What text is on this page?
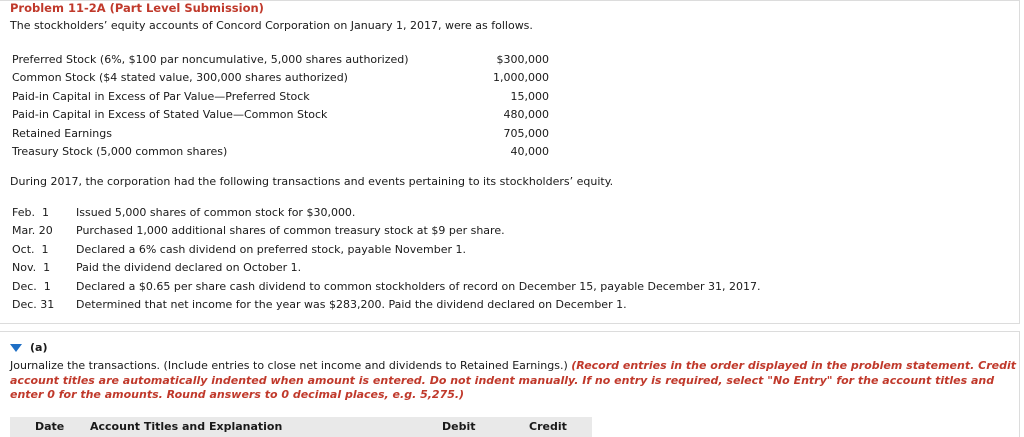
Problem 11-2A (Part Level Submission)
The stockholders’ equity accounts of Concord Corporation on January 1, 2017, were as follows.
Preferred Stock (6%, $100 par noncumulative, 5,000 shares authorized)	$300,000
Common Stock ($4 stated value, 300,000 shares authorized)	1,000,000
Paid-in Capital in Excess of Par Value—Preferred Stock	15,000
Paid-in Capital in Excess of Stated Value—Common Stock	480,000
Retained Earnings	705,000
Treasury Stock (5,000 common shares)	40,000
During 2017, the corporation had the following transactions and events pertaining to its stockholders’ equity.
Feb.  1	Issued 5,000 shares of common stock for $30,000.
Mar. 20	Purchased 1,000 additional shares of common treasury stock at $9 per share.
Oct.  1	Declared a 6% cash dividend on preferred stock, payable November 1.
Nov.  1	Paid the dividend declared on October 1.
Dec.  1	Declared a $0.65 per share cash dividend to common stockholders of record on December 15, payable December 31, 2017.
Dec. 31	Determined that net income for the year was $283,200. Paid the dividend declared on December 1.
(a)
Journalize the transactions. (Include entries to close net income and dividends to Retained Earnings.) (Record entries in the order displayed in the problem statement. Credit account titles are automatically indented when amount is entered. Do not indent manually. If no entry is required, select "No Entry" for the account titles and enter 0 for the amounts. Round answers to 0 decimal places, e.g. 5,275.)
Date Account Titles and Explanation	Debit	Credit
